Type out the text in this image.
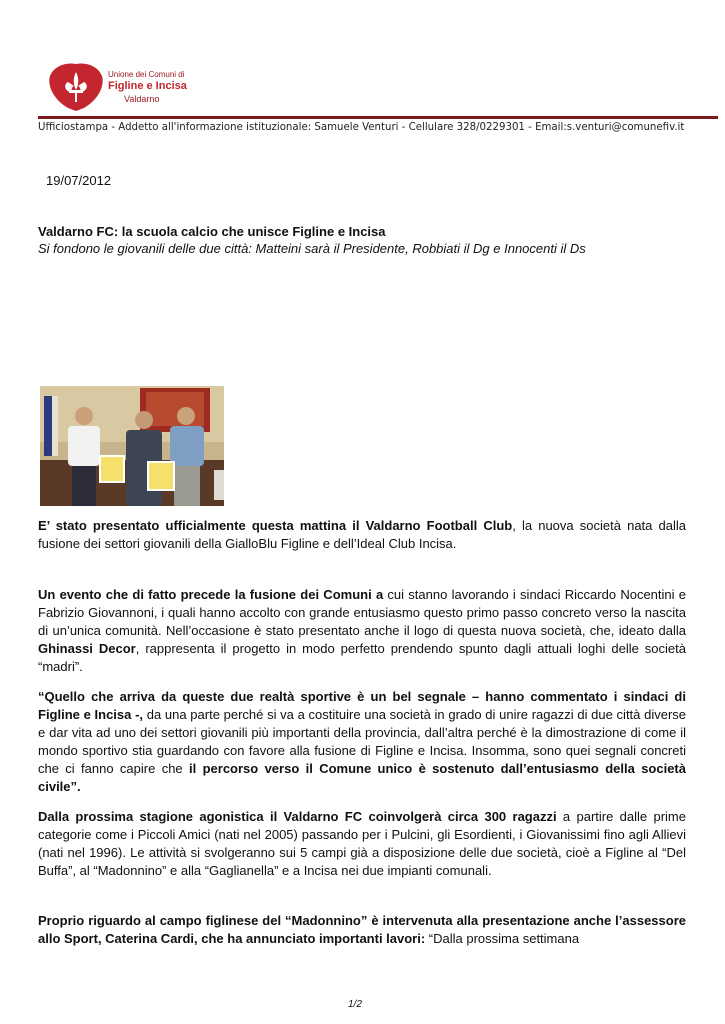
Unione dei Comuni di
Figline e Incisa
Valdarno
Ufficiostampa - Addetto all'informazione istituzionale: Samuele Venturi - Cellulare 328/0229301 - Email:s.venturi@comunefiv.it
19/07/2012
Valdarno FC: la scuola calcio che unisce Figline e Incisa
Si fondono le giovanili delle due città: Matteini sarà il Presidente, Robbiati il Dg e Innocenti il Ds

E’ stato presentato ufficialmente questa mattina il Valdarno Football Club, la nuova società nata dalla fusione dei settori giovanili della GialloBlu Figline e dell’Ideal Club Incisa.

Un evento che di fatto precede la fusione dei Comuni a cui stanno lavorando i sindaci Riccardo Nocentini e Fabrizio Giovannoni, i quali hanno accolto con grande entusiasmo questo primo passo concreto verso la nascita di un’unica comunità. Nell’occasione è stato presentato anche il logo di questa nuova società, che, ideato dalla Ghinassi Decor, rappresenta il progetto in modo perfetto prendendo spunto dagli attuali loghi delle società “madri”.

“Quello che arriva da queste due realtà sportive è un bel segnale – hanno commentato i sindaci di Figline e Incisa -, da una parte perché si va a costituire una società in grado di unire ragazzi di due città diverse e dar vita ad uno dei settori giovanili più importanti della provincia, dall’altra perché è la dimostrazione di come il mondo sportivo stia guardando con favore alla fusione di Figline e Incisa. Insomma, sono quei segnali concreti che ci fanno capire che il percorso verso il Comune unico è sostenuto dall’entusiasmo della società civile”.

Dalla prossima stagione agonistica il Valdarno FC coinvolgerà circa 300 ragazzi a partire dalle prime categorie come i Piccoli Amici (nati nel 2005) passando per i Pulcini, gli Esordienti, i Giovanissimi fino agli Allievi (nati nel 1996). Le attività si svolgeranno sui 5 campi già a disposizione delle due società, cioè a Figline al “Del Buffa”, al “Madonnino” e alla “Gaglianella” e a Incisa nei due impianti comunali.

Proprio riguardo al campo figlinese del “Madonnino” è intervenuta alla presentazione anche l’assessore allo Sport, Caterina Cardi, che ha annunciato importanti lavori: “Dalla prossima settimana

1/2
